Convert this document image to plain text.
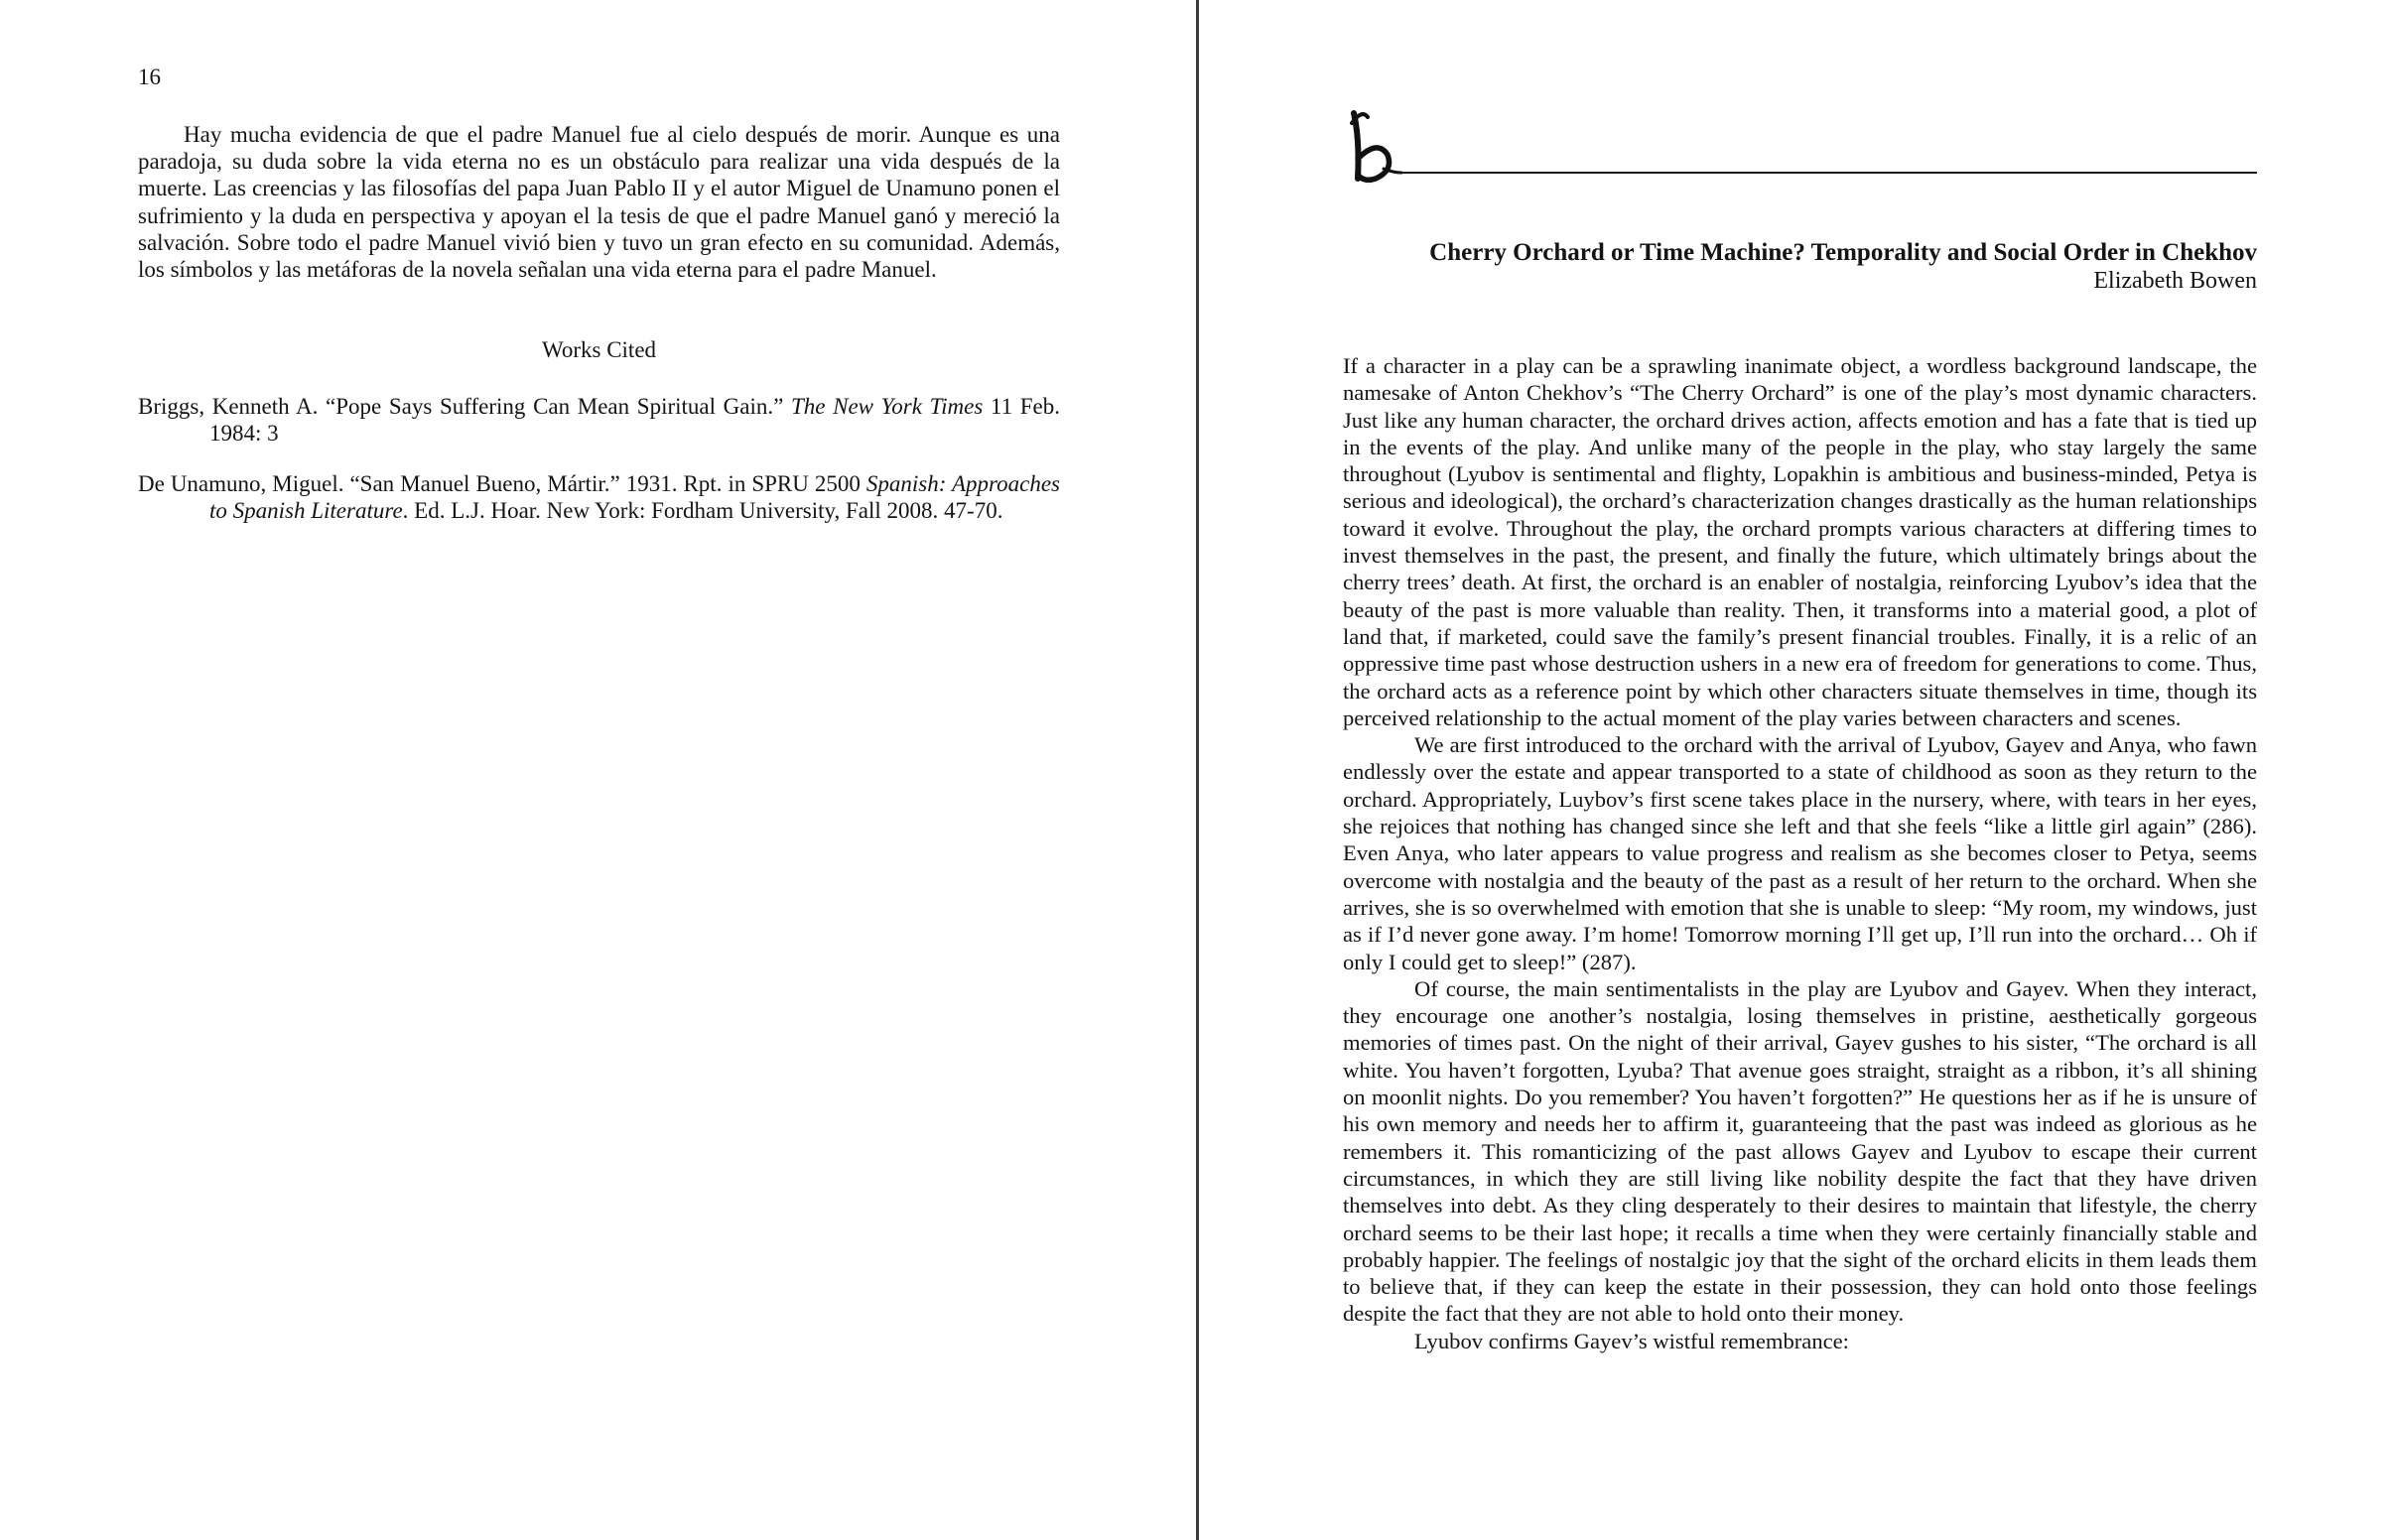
16

Hay mucha evidencia de que el padre Manuel fue al cielo después de morir. Aunque es una paradoja, su duda sobre la vida eterna no es un obstáculo para realizar una vida después de la muerte. Las creencias y las filosofías del papa Juan Pablo II y el autor Miguel de Unamuno ponen el sufrimiento y la duda en perspectiva y apoyan el la tesis de que el padre Manuel ganó y mereció la salvación. Sobre todo el padre Manuel vivió bien y tuvo un gran efecto en su comunidad. Además, los símbolos y las metáforas de la novela señalan una vida eterna para el padre Manuel.

Works Cited

Briggs, Kenneth A. “Pope Says Suffering Can Mean Spiritual Gain.” The New York Times 11 Feb. 1984: 3

De Unamuno, Miguel. “San Manuel Bueno, Mártir.” 1931. Rpt. in SPRU 2500 Spanish: Approaches to Spanish Literature. Ed. L.J. Hoar. New York: Fordham University, Fall 2008. 47-70.

Cherry Orchard or Time Machine? Temporality and Social Order in Chekhov
Elizabeth Bowen

If a character in a play can be a sprawling inanimate object, a wordless background landscape, the namesake of Anton Chekhov’s “The Cherry Orchard” is one of the play’s most dynamic characters. Just like any human character, the orchard drives action, affects emotion and has a fate that is tied up in the events of the play. And unlike many of the people in the play, who stay largely the same throughout (Lyubov is sentimental and flighty, Lopakhin is ambitious and business-minded, Petya is serious and ideological), the orchard’s characterization changes drastically as the human relationships toward it evolve. Throughout the play, the orchard prompts various characters at differing times to invest themselves in the past, the present, and finally the future, which ultimately brings about the cherry trees’ death. At first, the orchard is an enabler of nostalgia, reinforcing Lyubov’s idea that the beauty of the past is more valuable than reality. Then, it transforms into a material good, a plot of land that, if marketed, could save the family’s present financial troubles. Finally, it is a relic of an oppressive time past whose destruction ushers in a new era of freedom for generations to come. Thus, the orchard acts as a reference point by which other characters situate themselves in time, though its perceived relationship to the actual moment of the play varies between characters and scenes.

We are first introduced to the orchard with the arrival of Lyubov, Gayev and Anya, who fawn endlessly over the estate and appear transported to a state of childhood as soon as they return to the orchard. Appropriately, Luybov’s first scene takes place in the nursery, where, with tears in her eyes, she rejoices that nothing has changed since she left and that she feels “like a little girl again” (286). Even Anya, who later appears to value progress and realism as she becomes closer to Petya, seems overcome with nostalgia and the beauty of the past as a result of her return to the orchard. When she arrives, she is so overwhelmed with emotion that she is unable to sleep: “My room, my windows, just as if I’d never gone away. I’m home! Tomorrow morning I’ll get up, I’ll run into the orchard… Oh if only I could get to sleep!” (287).

Of course, the main sentimentalists in the play are Lyubov and Gayev. When they interact, they encourage one another’s nostalgia, losing themselves in pristine, aesthetically gorgeous memories of times past. On the night of their arrival, Gayev gushes to his sister, “The orchard is all white. You haven’t forgotten, Lyuba? That avenue goes straight, straight as a ribbon, it’s all shining on moonlit nights. Do you remember? You haven’t forgotten?” He questions her as if he is unsure of his own memory and needs her to affirm it, guaranteeing that the past was indeed as glorious as he remembers it. This romanticizing of the past allows Gayev and Lyubov to escape their current circumstances, in which they are still living like nobility despite the fact that they have driven themselves into debt. As they cling desperately to their desires to maintain that lifestyle, the cherry orchard seems to be their last hope; it recalls a time when they were certainly financially stable and probably happier. The feelings of nostalgic joy that the sight of the orchard elicits in them leads them to believe that, if they can keep the estate in their possession, they can hold onto those feelings despite the fact that they are not able to hold onto their money.

Lyubov confirms Gayev’s wistful remembrance:
